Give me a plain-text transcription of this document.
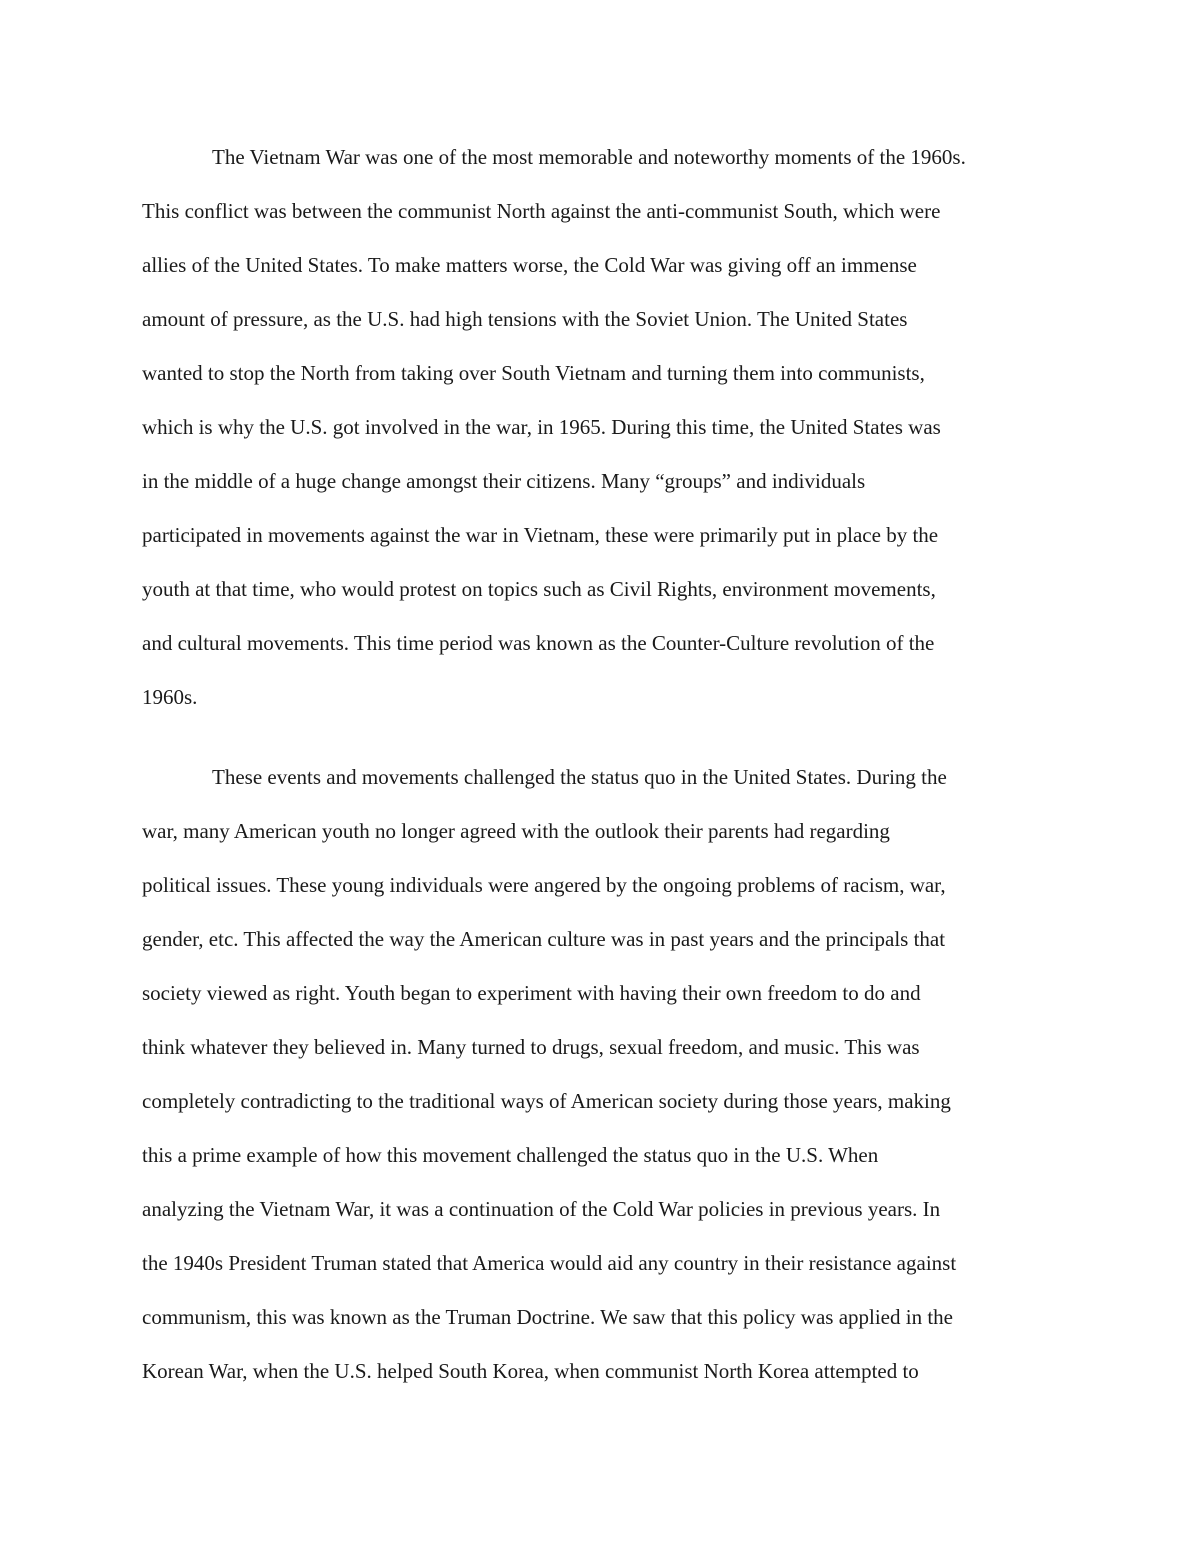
The Vietnam War was one of the most memorable and noteworthy moments of the 1960s.
This conflict was between the communist North against the anti-communist South, which were
allies of the United States. To make matters worse, the Cold War was giving off an immense
amount of pressure, as the U.S. had high tensions with the Soviet Union. The United States
wanted to stop the North from taking over South Vietnam and turning them into communists,
which is why the U.S. got involved in the war, in 1965. During this time, the United States was
in the middle of a huge change amongst their citizens. Many “groups” and individuals
participated in movements against the war in Vietnam, these were primarily put in place by the
youth at that time, who would protest on topics such as Civil Rights, environment movements,
and cultural movements. This time period was known as the Counter-Culture revolution of the
1960s.
These events and movements challenged the status quo in the United States. During the
war, many American youth no longer agreed with the outlook their parents had regarding
political issues. These young individuals were angered by the ongoing problems of racism, war,
gender, etc. This affected the way the American culture was in past years and the principals that
society viewed as right. Youth began to experiment with having their own freedom to do and
think whatever they believed in. Many turned to drugs, sexual freedom, and music. This was
completely contradicting to the traditional ways of American society during those years, making
this a prime example of how this movement challenged the status quo in the U.S. When
analyzing the Vietnam War, it was a continuation of the Cold War policies in previous years. In
the 1940s President Truman stated that America would aid any country in their resistance against
communism, this was known as the Truman Doctrine. We saw that this policy was applied in the
Korean War, when the U.S. helped South Korea, when communist North Korea attempted to
